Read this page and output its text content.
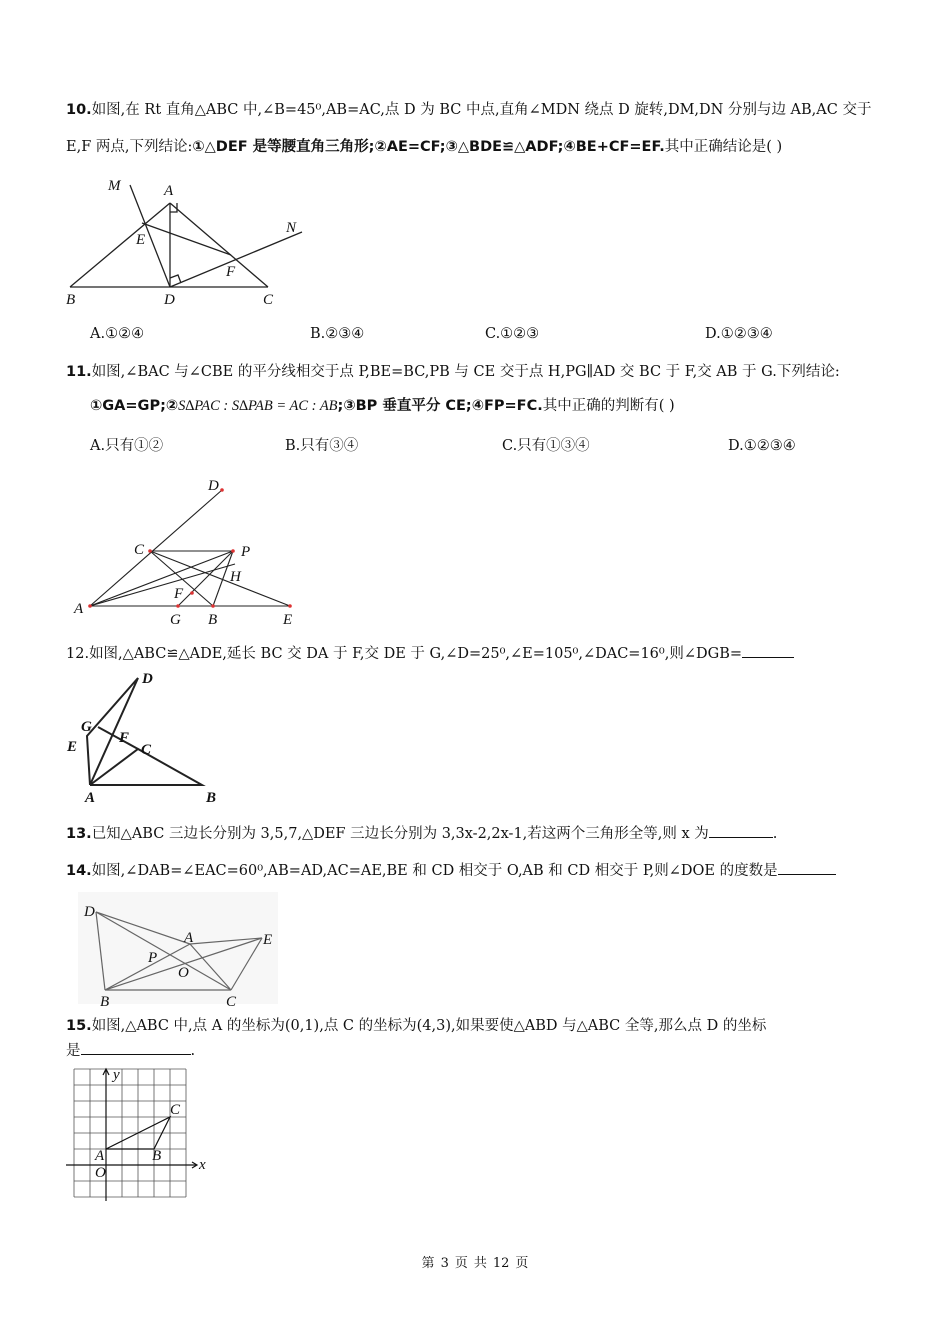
10.如图,在 Rt 直角△ABC 中,∠B=45⁰,AB=AC,点 D 为 BC 中点,直角∠MDN 绕点 D 旋转,DM,DN 分别与边 AB,AC 交于
E,F 两点,下列结论:①△DEF 是等腰直角三角形;②AE=CF;③△BDE≌△ADF;④BE+CF=EF.其中正确结论是( )
M	A
N
E
F
B	D	C
A.①②④	B.②③④	C.①②③	D.①②③④
11.如图,∠BAC 与∠CBE 的平分线相交于点 P,BE=BC,PB 与 CE 交于点 H,PG∥AD 交 BC 于 F,交 AB 于 G.下列结论:
①GA=GP;②S∆PAC : S∆PAB = AC : AB;③BP 垂直平分 CE;④FP=FC.其中正确的判断有( )
A.只有①②	B.只有③④	C.只有①③④	D.①②③④
D
C	P
H
F
A
G B	E
12.如图,△ABC≌△ADE,延长 BC 交 DA 于 F,交 DE 于 G,∠D=25⁰,∠E=105⁰,∠DAC=16⁰,则∠DGB=
D
G
F
E	C
A	B
13.已知△ABC 三边长分别为 3,5,7,△DEF 三边长分别为 3,3x-2,2x-1,若这两个三角形全等,则 x 为	.
14.如图,∠DAB=∠EAC=60⁰,AB=AD,AC=AE,BE 和 CD 相交于 O,AB 和 CD 相交于 P,则∠DOE 的度数是
D
A	E
P
O
B	C
15.如图,△ABC 中,点 A 的坐标为(0,1),点 C 的坐标为(4,3),如果要使△ABD 与△ABC 全等,那么点 D 的坐标
是	.
y
x
A
O
B
C
第 3 页 共 12 页
